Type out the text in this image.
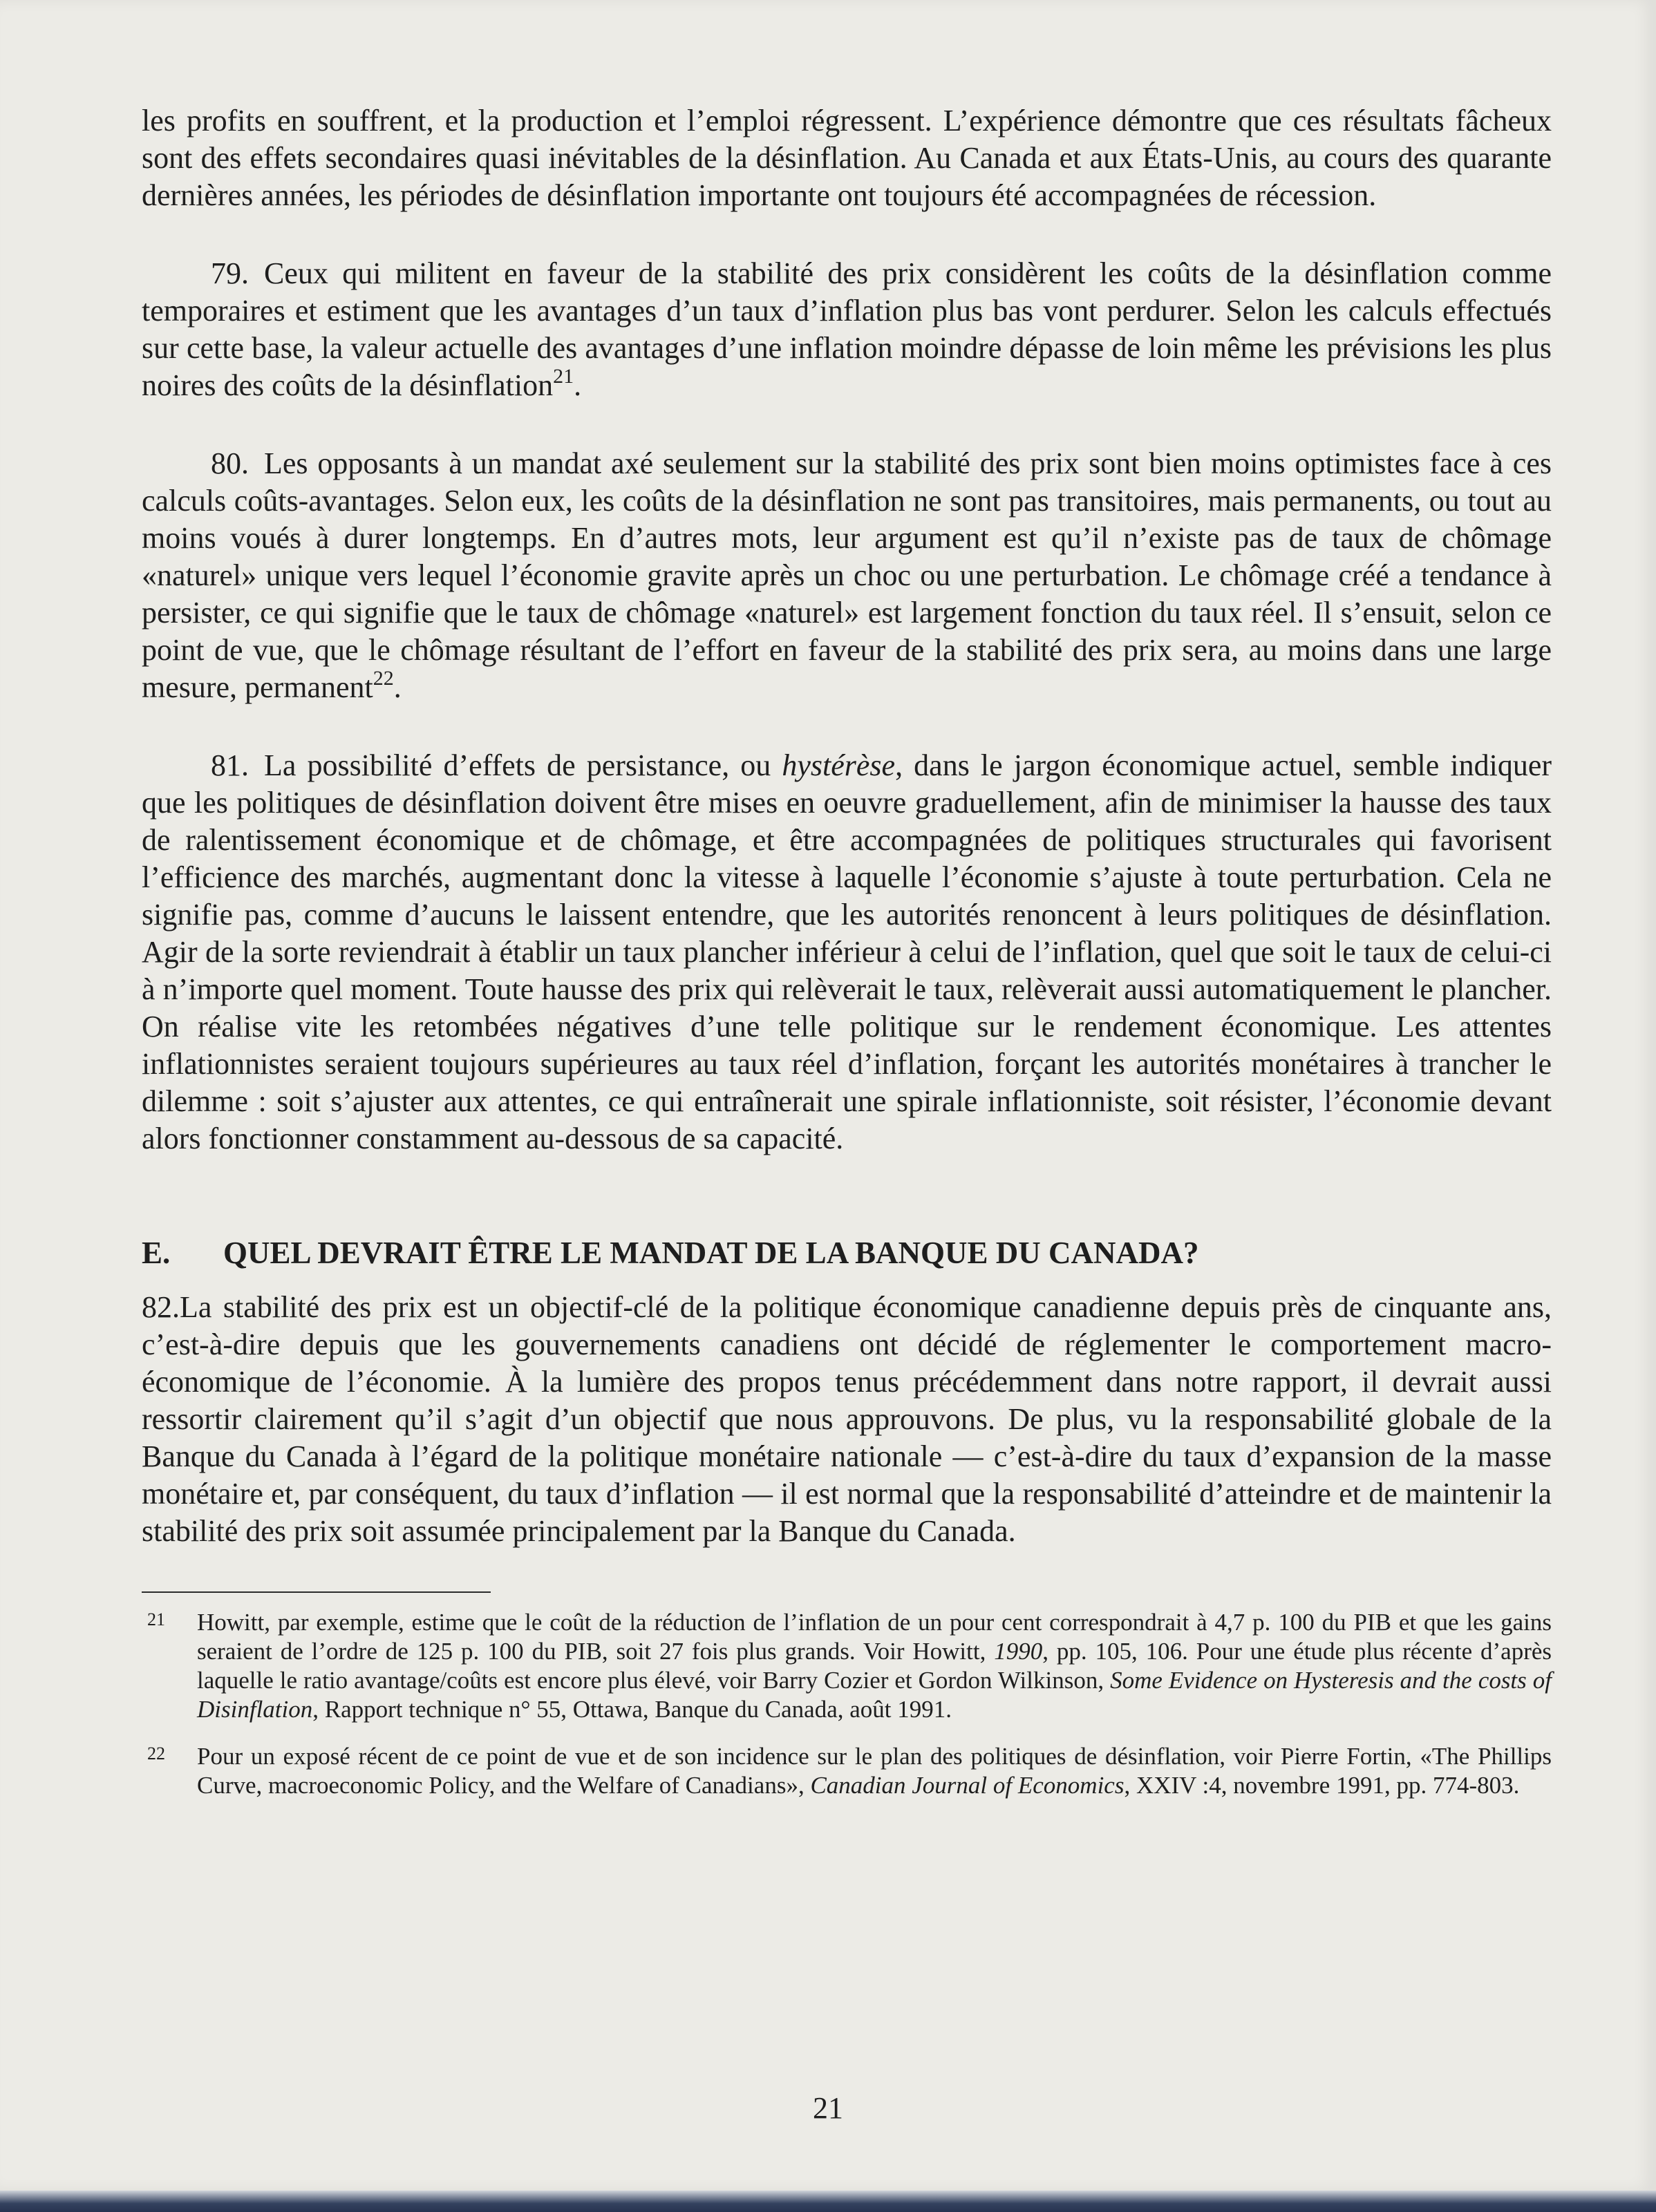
les profits en souffrent, et la production et l’emploi régressent. L’expérience démontre que ces résultats fâcheux sont des effets secondaires quasi inévitables de la désinflation. Au Canada et aux États-Unis, au cours des quarante dernières années, les périodes de désinflation importante ont toujours été accompagnées de récession.

79. Ceux qui militent en faveur de la stabilité des prix considèrent les coûts de la désinflation comme temporaires et estiment que les avantages d’un taux d’inflation plus bas vont perdurer. Selon les calculs effectués sur cette base, la valeur actuelle des avantages d’une inflation moindre dépasse de loin même les prévisions les plus noires des coûts de la désinflation$^{21}$.

80. Les opposants à un mandat axé seulement sur la stabilité des prix sont bien moins optimistes face à ces calculs coûts-avantages. Selon eux, les coûts de la désinflation ne sont pas transitoires, mais permanents, ou tout au moins voués à durer longtemps. En d’autres mots, leur argument est qu’il n’existe pas de taux de chômage «naturel» unique vers lequel l’économie gravite après un choc ou une perturbation. Le chômage créé a tendance à persister, ce qui signifie que le taux de chômage «naturel» est largement fonction du taux réel. Il s’ensuit, selon ce point de vue, que le chômage résultant de l’effort en faveur de la stabilité des prix sera, au moins dans une large mesure, permanent$^{22}$.

81. La possibilité d’effets de persistance, ou hystérèse, dans le jargon économique actuel, semble indiquer que les politiques de désinflation doivent être mises en oeuvre graduellement, afin de minimiser la hausse des taux de ralentissement économique et de chômage, et être accompagnées de politiques structurales qui favorisent l’efficience des marchés, augmentant donc la vitesse à laquelle l’économie s’ajuste à toute perturbation. Cela ne signifie pas, comme d’aucuns le laissent entendre, que les autorités renoncent à leurs politiques de désinflation. Agir de la sorte reviendrait à établir un taux plancher inférieur à celui de l’inflation, quel que soit le taux de celui-ci à n’importe quel moment. Toute hausse des prix qui relèverait le taux, relèverait aussi automatiquement le plancher. On réalise vite les retombées négatives d’une telle politique sur le rendement économique. Les attentes inflationnistes seraient toujours supérieures au taux réel d’inflation, forçant les autorités monétaires à trancher le dilemme : soit s’ajuster aux attentes, ce qui entraînerait une spirale inflationniste, soit résister, l’économie devant alors fonctionner constamment au-dessous de sa capacité.

E. QUEL DEVRAIT ÊTRE LE MANDAT DE LA BANQUE DU CANADA?

82.La stabilité des prix est un objectif-clé de la politique économique canadienne depuis près de cinquante ans, c’est-à-dire depuis que les gouvernements canadiens ont décidé de réglementer le comportement macro-économique de l’économie. À la lumière des propos tenus précédemment dans notre rapport, il devrait aussi ressortir clairement qu’il s’agit d’un objectif que nous approuvons. De plus, vu la responsabilité globale de la Banque du Canada à l’égard de la politique monétaire nationale — c’est-à-dire du taux d’expansion de la masse monétaire et, par conséquent, du taux d’inflation — il est normal que la responsabilité d’atteindre et de maintenir la stabilité des prix soit assumée principalement par la Banque du Canada.

21 Howitt, par exemple, estime que le coût de la réduction de l’inflation de un pour cent correspondrait à 4,7 p. 100 du PIB et que les gains seraient de l’ordre de 125 p. 100 du PIB, soit 27 fois plus grands. Voir Howitt, 1990, pp. 105, 106. Pour une étude plus récente d’après laquelle le ratio avantage/coûts est encore plus élevé, voir Barry Cozier et Gordon Wilkinson, Some Evidence on Hysteresis and the costs of Disinflation, Rapport technique n° 55, Ottawa, Banque du Canada, août 1991.

22 Pour un exposé récent de ce point de vue et de son incidence sur le plan des politiques de désinflation, voir Pierre Fortin, «The Phillips Curve, macroeconomic Policy, and the Welfare of Canadians», Canadian Journal of Economics, XXIV :4, novembre 1991, pp. 774-803.

21
